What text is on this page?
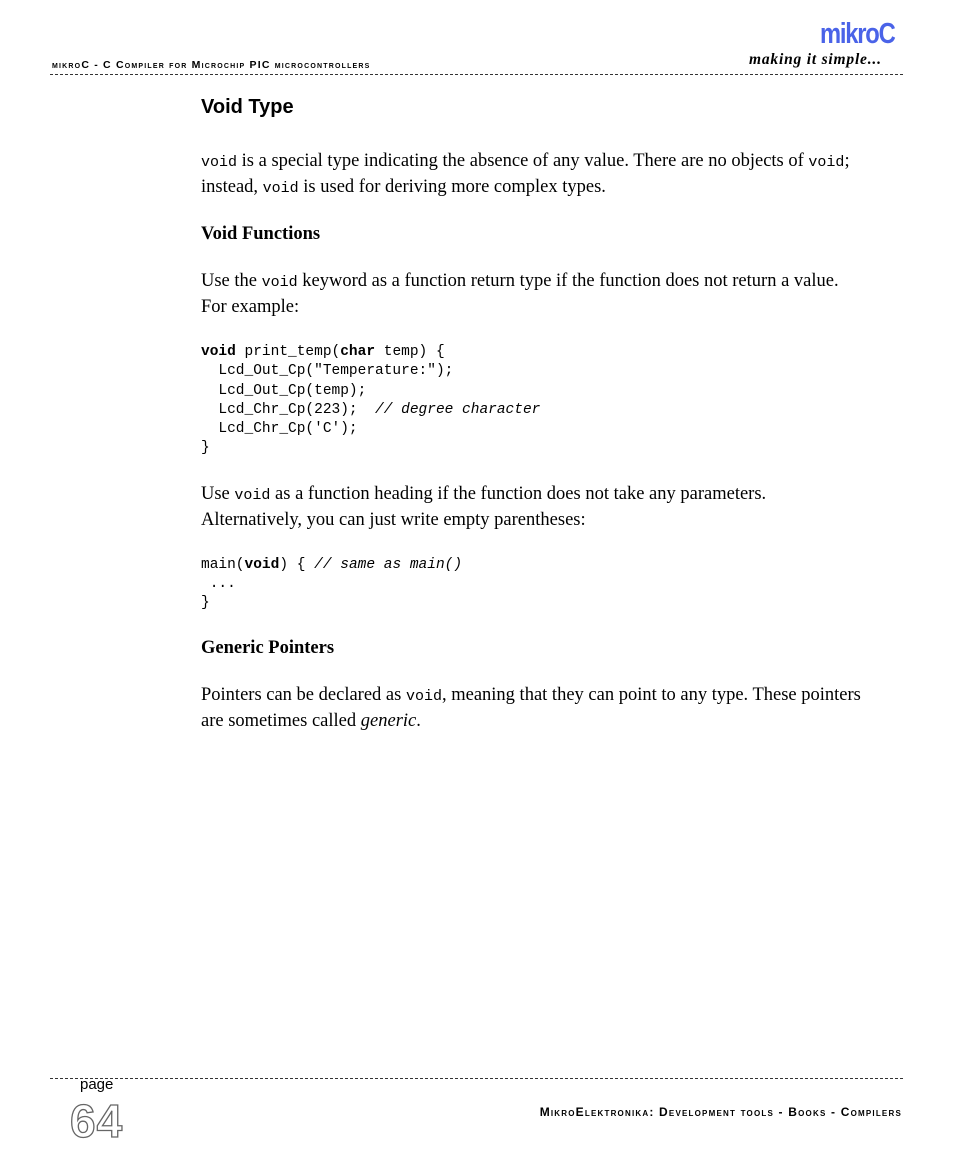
mikroC
making it simple...
mikroC - C Compiler for Microchip PIC microcontrollers
Void Type

void is a special type indicating the absence of any value. There are no objects of void; instead, void is used for deriving more complex types.

Void Functions

Use the void keyword as a function return type if the function does not return a value. For example:

void print_temp(char temp) {
Lcd_Out_Cp("Temperature:");
Lcd_Out_Cp(temp);
Lcd_Chr_Cp(223);  // degree character
Lcd_Chr_Cp('C');
}

Use void as a function heading if the function does not take any parameters. Alternatively, you can just write empty parentheses:

main(void) { // same as main()
...
}
Generic Pointers

Pointers can be declared as void, meaning that they can point to any type. These pointers are sometimes called generic.

page
64	MikroElektronika: Development tools - Books - Compilers
